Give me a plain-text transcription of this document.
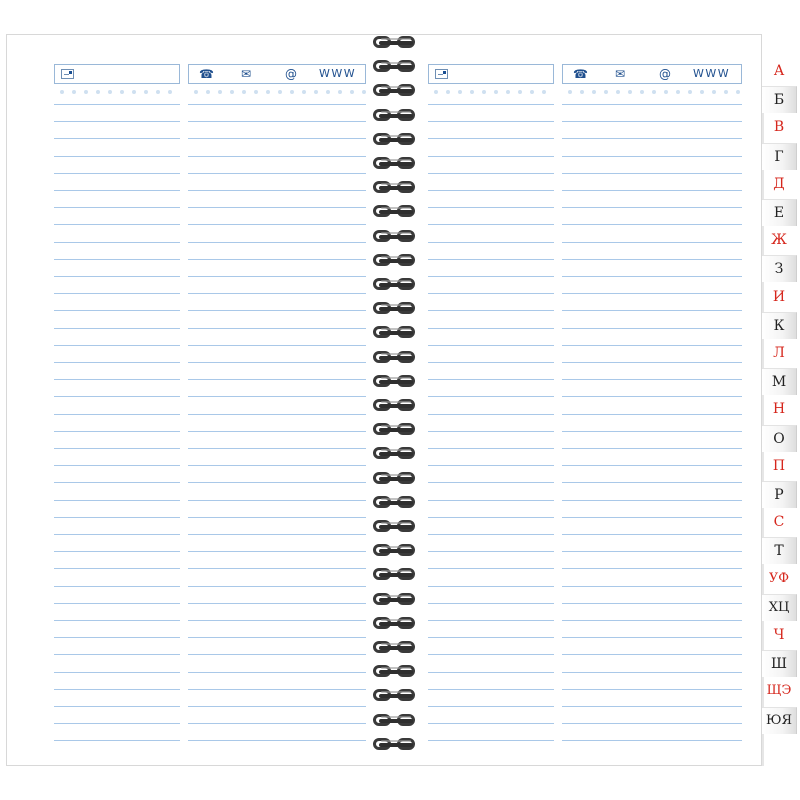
☎ ✉	@ WWW	☎ ✉	@ WWW	А
Б
В
Г
Д
Е
Ж
З
И
К
Л
М
Н
О
П
Р
С
Т
УФ
ХЦ
Ч
Ш
ЩЭ
ЮЯ
